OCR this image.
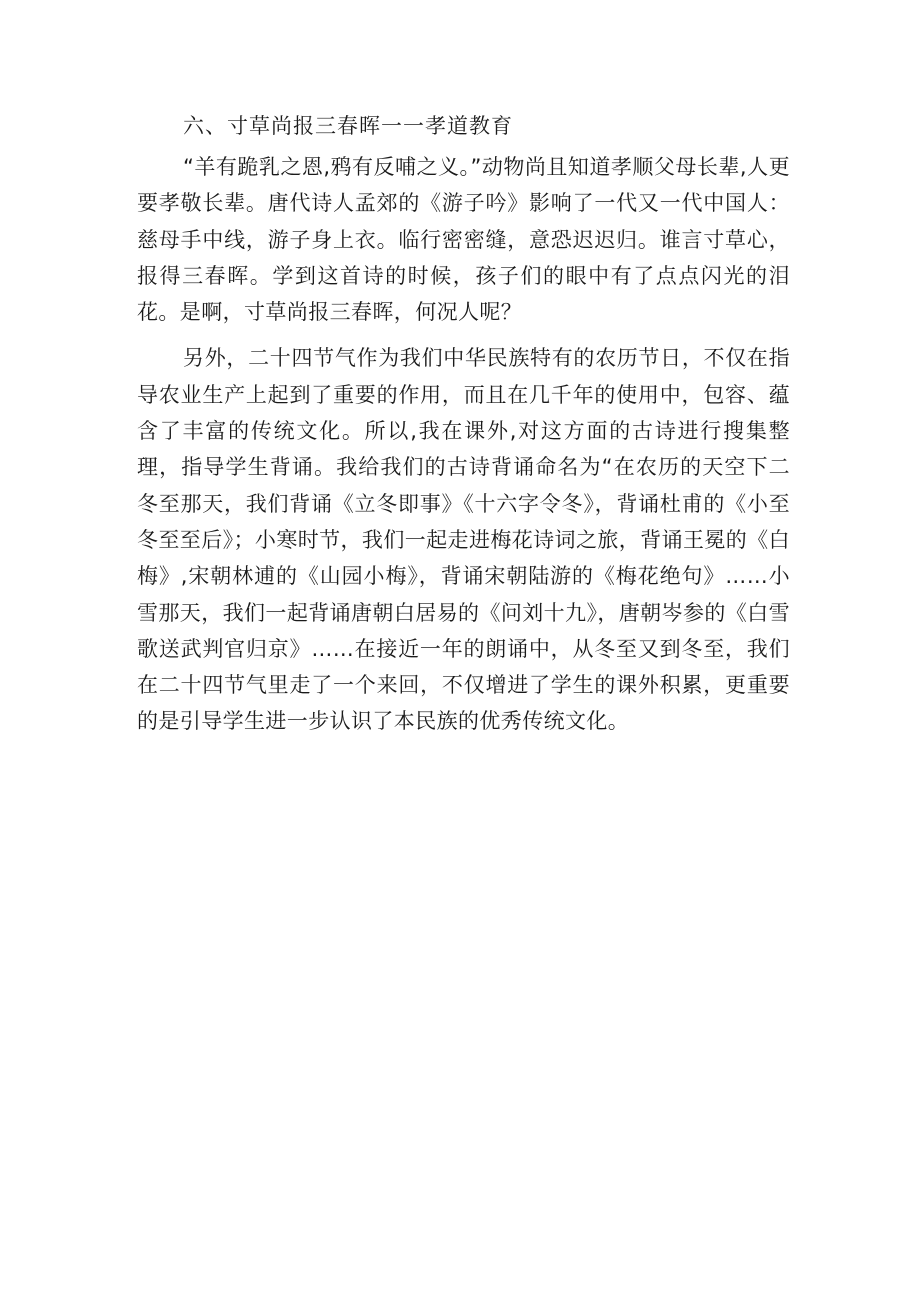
六、寸草尚报三春晖一一孝道教育

“羊有跪乳之恩,鸦有反哺之义。”动物尚且知道孝顺父母长辈,人更要孝敬长辈。唐代诗人孟郊的《游子吟》影响了一代又一代中国人：慈母手中线，游子身上衣。临行密密缝，意恐迟迟归。谁言寸草心，报得三春晖。学到这首诗的时候，孩子们的眼中有了点点闪光的泪花。是啊，寸草尚报三春晖，何况人呢？

另外，二十四节气作为我们中华民族特有的农历节日，不仅在指导农业生产上起到了重要的作用，而且在几千年的使用中，包容、蕴含了丰富的传统文化。所以,我在课外,对这方面的古诗进行搜集整理，指导学生背诵。我给我们的古诗背诵命名为“在农历的天空下二冬至那天，我们背诵《立冬即事》《十六字令冬》，背诵杜甫的《小至冬至至后》；小寒时节，我们一起走进梅花诗词之旅，背诵王冕的《白梅》,宋朝林逋的《山园小梅》，背诵宋朝陆游的《梅花绝句》……小雪那天，我们一起背诵唐朝白居易的《问刘十九》，唐朝岑参的《白雪歌送武判官归京》……在接近一年的朗诵中，从冬至又到冬至，我们在二十四节气里走了一个来回，不仅增进了学生的课外积累，更重要的是引导学生进一步认识了本民族的优秀传统文化。
